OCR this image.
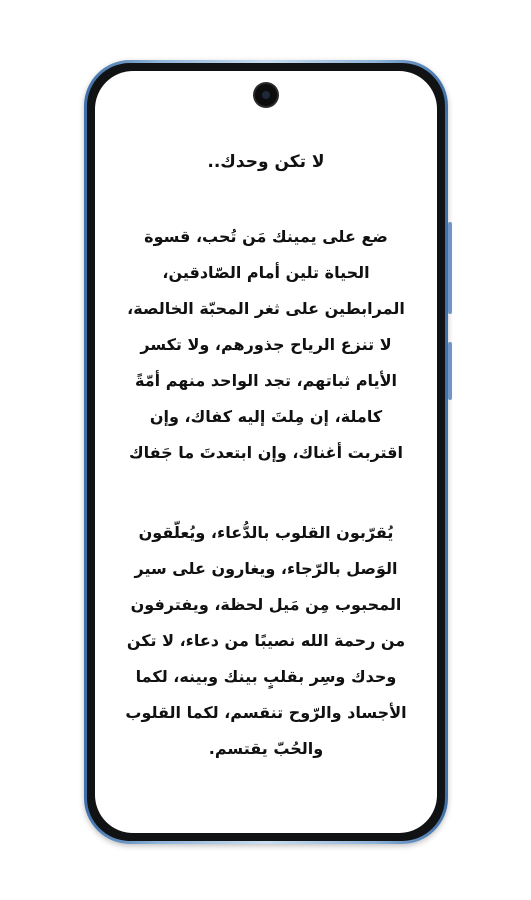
لا تكن وحدك..
ضع على يمينك مَن تُحب، قسوة الحياة تلين أمام الصّادقين، المرابطين على ثغر المحبّة الخالصة، لا تنزع الرياح جذورهم، ولا تكسر الأيام ثباتهم، تجد الواحد منهم أمّةً كاملة، إن مِلتَ إليه كفاك، وإن اقتربت أغناك، وإن ابتعدتَ ما جَفاك
يُقرّبون القلوب بالدُّعاء، ويُعلّقون الوَصل بالرّجاء، ويغارون على سير المحبوب مِن مَيل لحظة، ويفترفون من رحمة الله نصيبًا من دعاء، لا تكن وحدك وسِر بقلبٍ بينك وبينه، لكما الأجساد والرّوح تنقسم، لكما القلوب والحُبّ يقتسم.
